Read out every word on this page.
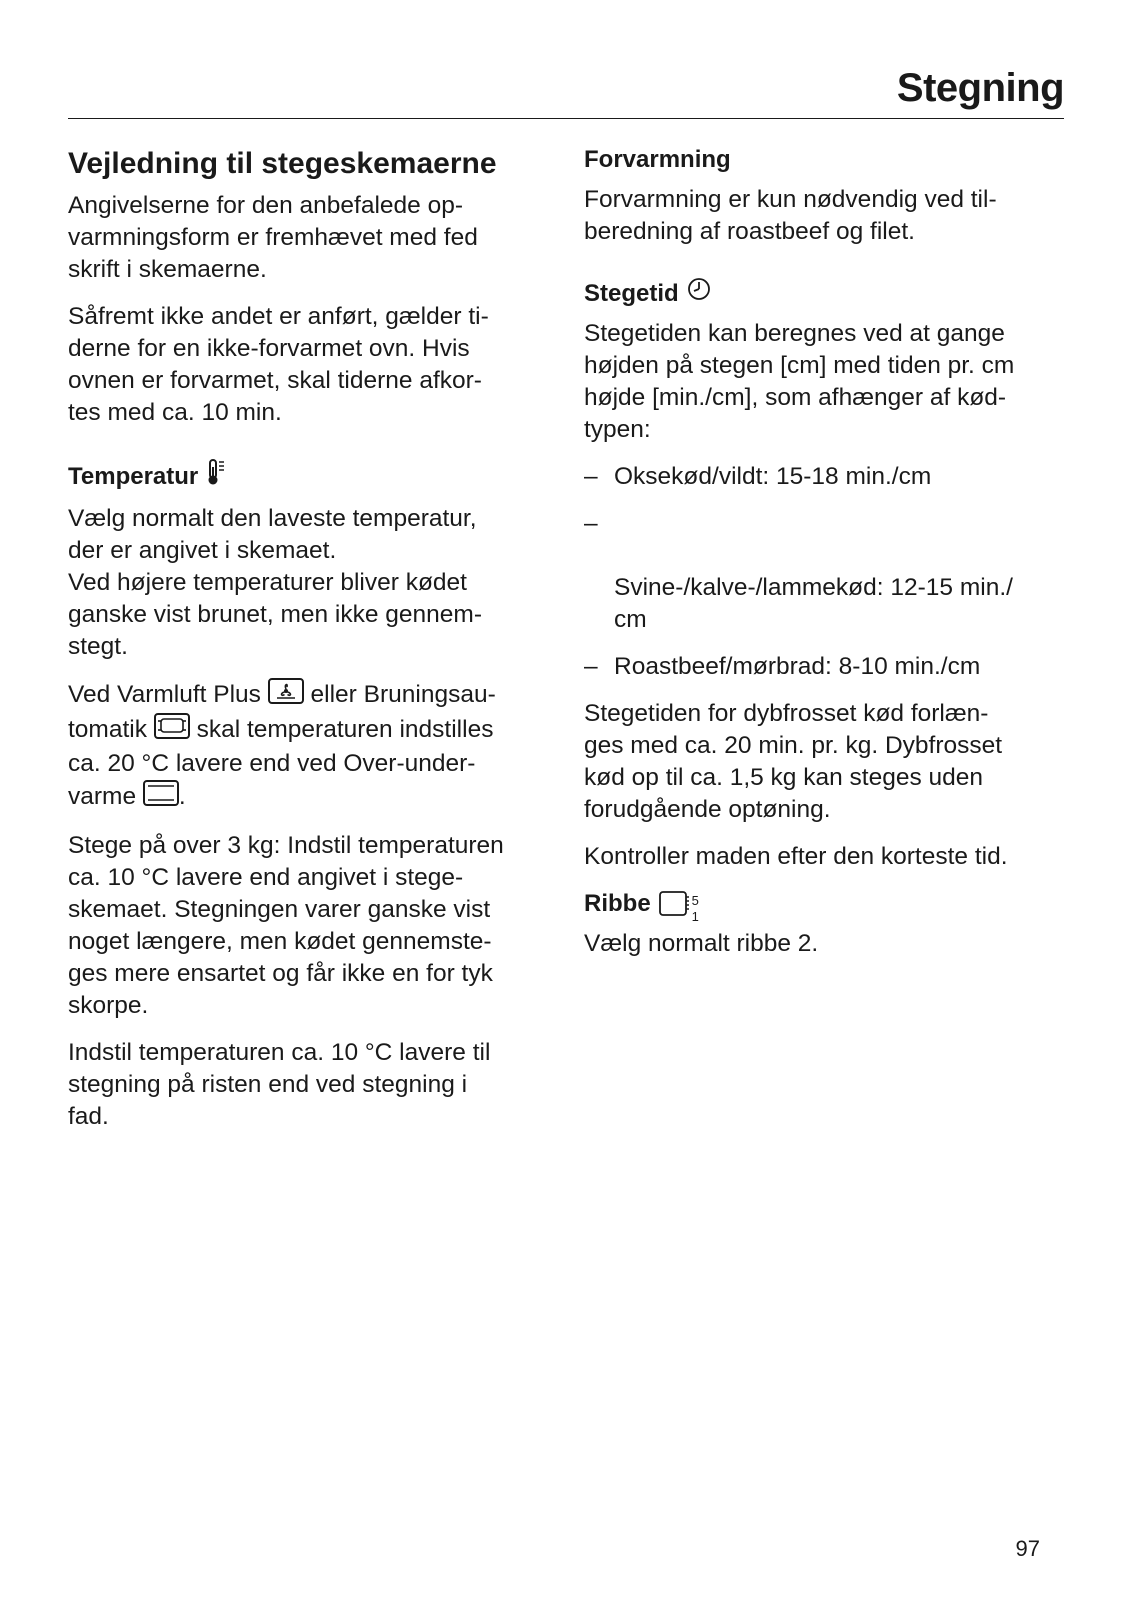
Stegning
Vejledning til stegeskemaerne

Angivelserne for den anbefalede op-
varmningsform er fremhævet med fed
skrift i skemaerne.

Såfremt ikke andet er anført, gælder ti-
derne for en ikke-forvarmet ovn. Hvis
ovnen er forvarmet, skal tiderne afkor-
tes med ca. 10 min.

Temperatur

Vælg normalt den laveste temperatur,
der er angivet i skemaet.
Ved højere temperaturer bliver kødet
ganske vist brunet, men ikke gennem-
stegt.

Ved Varmluft Plus  eller Bruningsau-
tomatik  skal temperaturen indstilles
ca. 20 °C lavere end ved Over-under-
varme .

Stege på over 3 kg: Indstil temperaturen
ca. 10 °C lavere end angivet i stege-
skemaet. Stegningen varer ganske vist
noget længere, men kødet gennemste-
ges mere ensartet og får ikke en for tyk
skorpe.

Indstil temperaturen ca. 10 °C lavere til
stegning på risten end ved stegning i
fad.

Forvarmning

Forvarmning er kun nødvendig ved til-
beredning af roastbeef og filet.

Stegetid

Stegetiden kan beregnes ved at gange
højden på stegen [cm] med tiden pr. cm
højde [min./cm], som afhænger af kød-
typen:

– Oksekød/vildt: 15-18 min./cm

–

Svine-/kalve-/lammekød: 12-15 min./
cm

– Roastbeef/mørbrad: 8-10 min./cm

Stegetiden for dybfrosset kød forlæn-
ges med ca. 20 min. pr. kg. Dybfrosset
kød op til ca. 1,5 kg kan steges uden
forudgående optøning.

Kontroller maden efter den korteste tid.

Ribbe	5
1

Vælg normalt ribbe 2.

97
